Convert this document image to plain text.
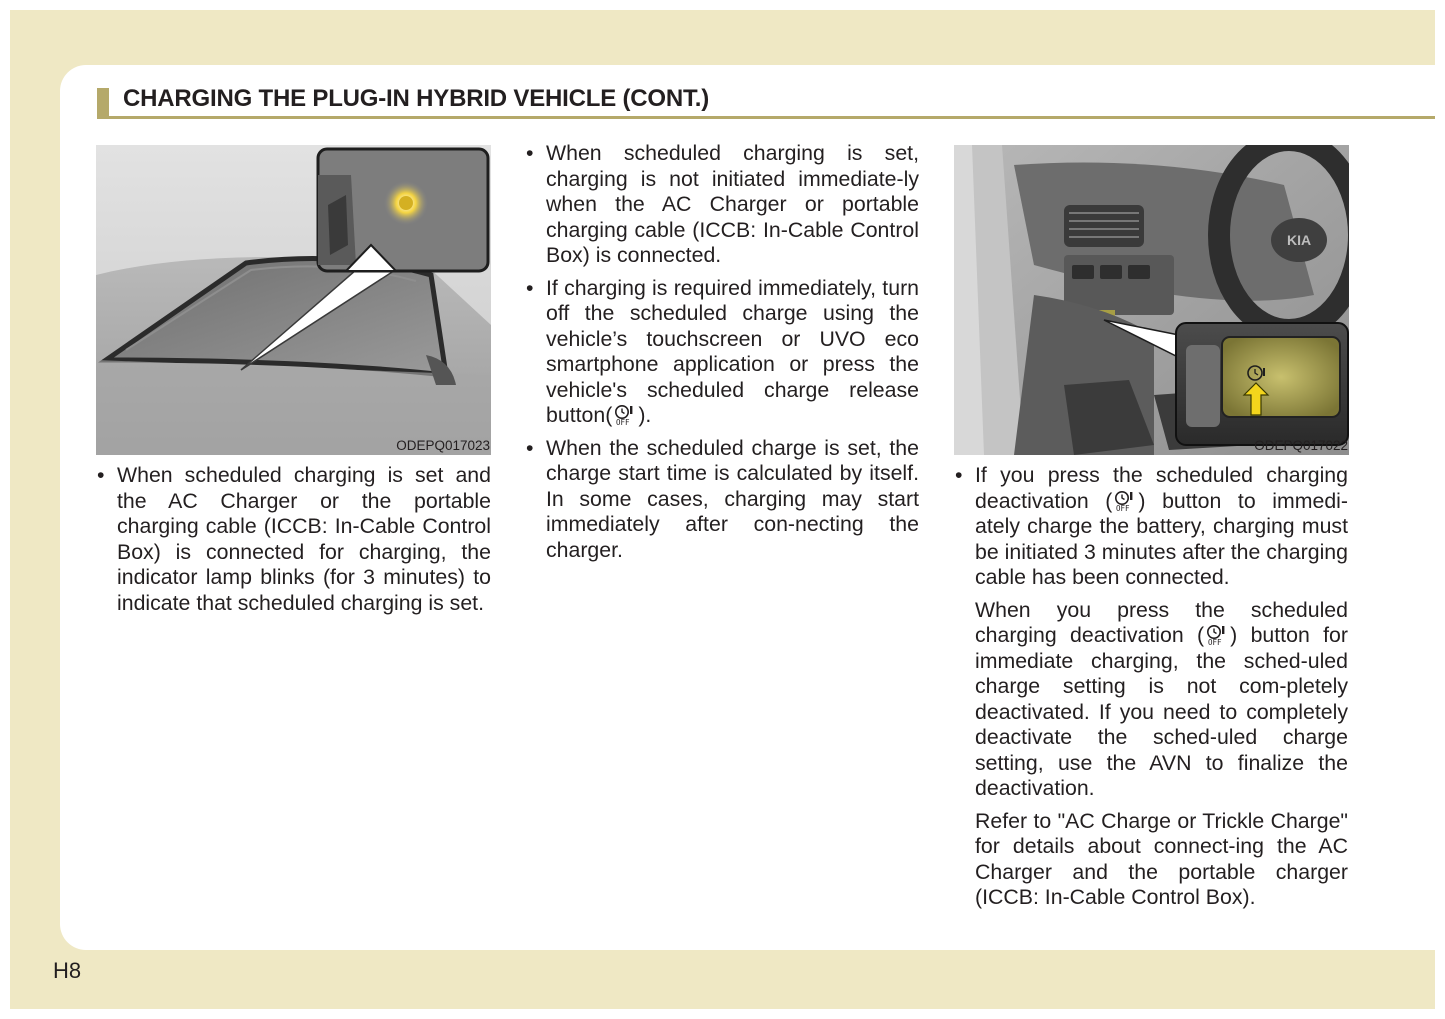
CHARGING THE PLUG-IN HYBRID VEHICLE (CONT.)
ODEPQ017023
• When scheduled charging is set and the AC Charger or the portable charging cable (ICCB: In-Cable Control Box) is connected for charging, the indicator lamp blinks (for 3 minutes) to indicate that scheduled charging is set.
• When scheduled charging is set, charging is not initiated immediate-ly when the AC Charger or portable charging cable (ICCB: In-Cable Control Box) is connected.
• If charging is required immediately, turn off the scheduled charge using the vehicle’s touchscreen or UVO eco smartphone application or press the vehicle's scheduled charge release button( OFF ).
• When the scheduled charge is set, the charge start time is calculated by itself. In some cases, charging may start immediately after con-necting the charger.
KIA
ODEPQ017022
• If you press the scheduled charging deactivation ( OFF ) button to immedi-ately charge the battery, charging must be initiated 3 minutes after the charging cable has been connected.
When you press the scheduled charging deactivation ( OFF ) button for immediate charging, the sched-uled charge setting is not com-pletely deactivated. If you need to completely deactivate the sched-uled charge setting, use the AVN to finalize the deactivation.
Refer to "AC Charge or Trickle Charge" for details about connect-ing the AC Charger and the portable charger (ICCB: In-Cable Control Box).
H8
